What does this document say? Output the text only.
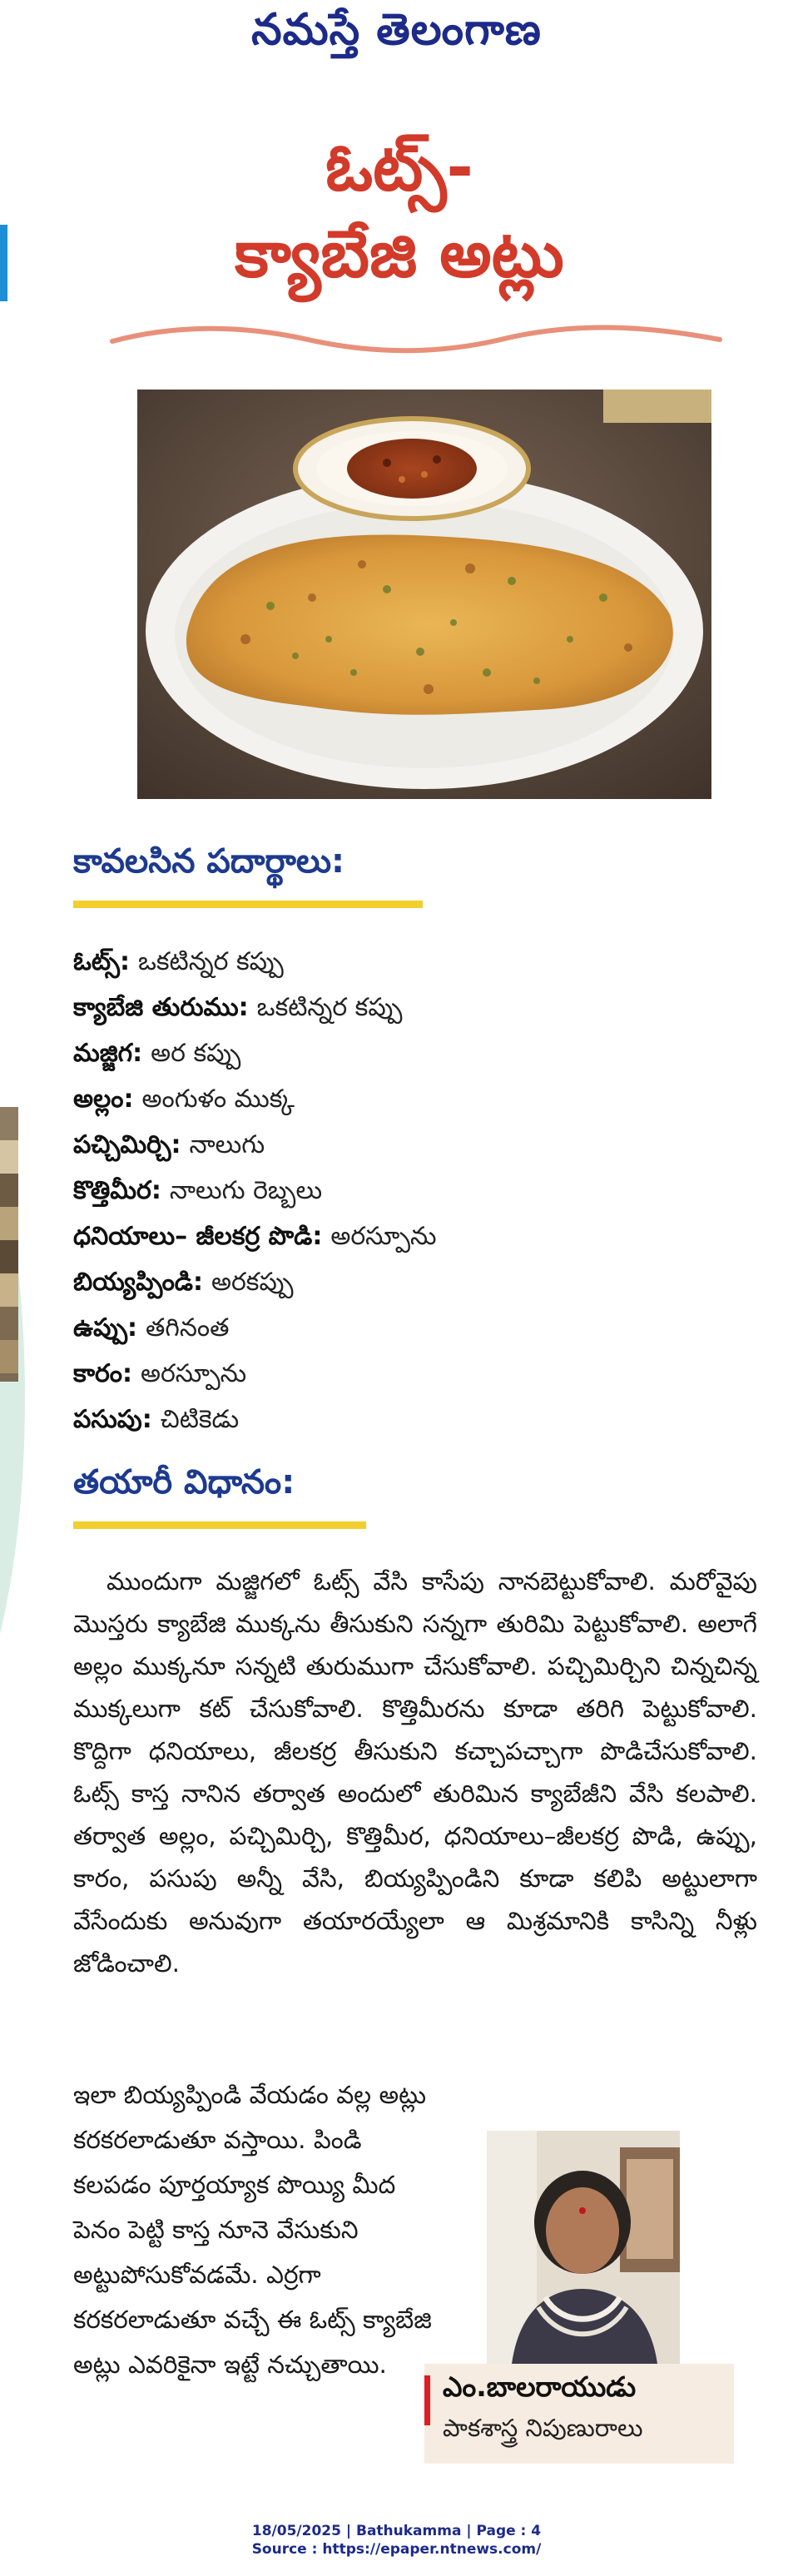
నమస్తే తెలంగాణ
ఓట్స్‌-
క్యాబేజి అట్లు
కావలసిన పదార్థాలు:
ఓట్స్‌: ఒకటిన్నర కప్పు
క్యాబేజి తురుము: ఒకటిన్నర కప్పు
మజ్జిగ: అర కప్పు
అల్లం: అంగుళం ముక్క
పచ్చిమిర్చి: నాలుగు
కొత్తిమీర: నాలుగు రెబ్బలు
ధనియాలు– జీలకర్ర పొడి: అరస్పూను
బియ్యప్పిండి: అరకప్పు
ఉప్పు: తగినంత
కారం: అరస్పూను
పసుపు: చిటికెడు
తయారీ విధానం:

ముందుగా మజ్జిగలో ఓట్స్‌ వేసి కాసేపు నానబెట్టుకోవాలి. మరోవైపు మొస్తరు క్యాబేజి ముక్కను తీసుకుని సన్నగా తురిమి పెట్టుకోవాలి. అలాగే అల్లం ముక్కనూ సన్నటి తురుముగా చేసుకోవాలి. పచ్చిమిర్చిని చిన్నచిన్న ముక్కలుగా కట్‌ చేసుకోవాలి. కొత్తిమీరను కూడా తరిగి పెట్టుకోవాలి. కొద్దిగా ధనియాలు, జీలకర్ర తీసుకుని కచ్చాపచ్చాగా పొడిచేసుకోవాలి. ఓట్స్‌ కాస్త నానిన తర్వాత అందులో తురిమిన క్యాబేజీని వేసి కలపాలి. తర్వాత అల్లం, పచ్చిమిర్చి, కొత్తిమీర, ధనియాలు–జీలకర్ర పొడి, ఉప్పు, కారం, పసుపు అన్నీ వేసి, బియ్యప్పిండిని కూడా కలిపి అట్టులాగా వేసేందుకు అనువుగా తయారయ్యేలా ఆ మిశ్రమానికి కాసిన్ని నీళ్లు జోడించాలి.

ఇలా బియ్యప్పిండి వేయడం వల్ల అట్లు కరకరలాడుతూ వస్తాయి. పిండి కలపడం పూర్తయ్యాక పొయ్యి మీద పెనం పెట్టి కాస్త నూనె వేసుకుని అట్టుపోసుకోవడమే. ఎర్రగా కరకరలాడుతూ వచ్చే ఈ ఓట్స్‌ క్యాబేజి అట్లు ఎవరికైనా ఇట్టే నచ్చుతాయి.

ఎం.బాలరాయుడు
పాకశాస్త్ర నిపుణురాలు
18/05/2025 | Bathukamma | Page : 4
Source : https://epaper.ntnews.com/
